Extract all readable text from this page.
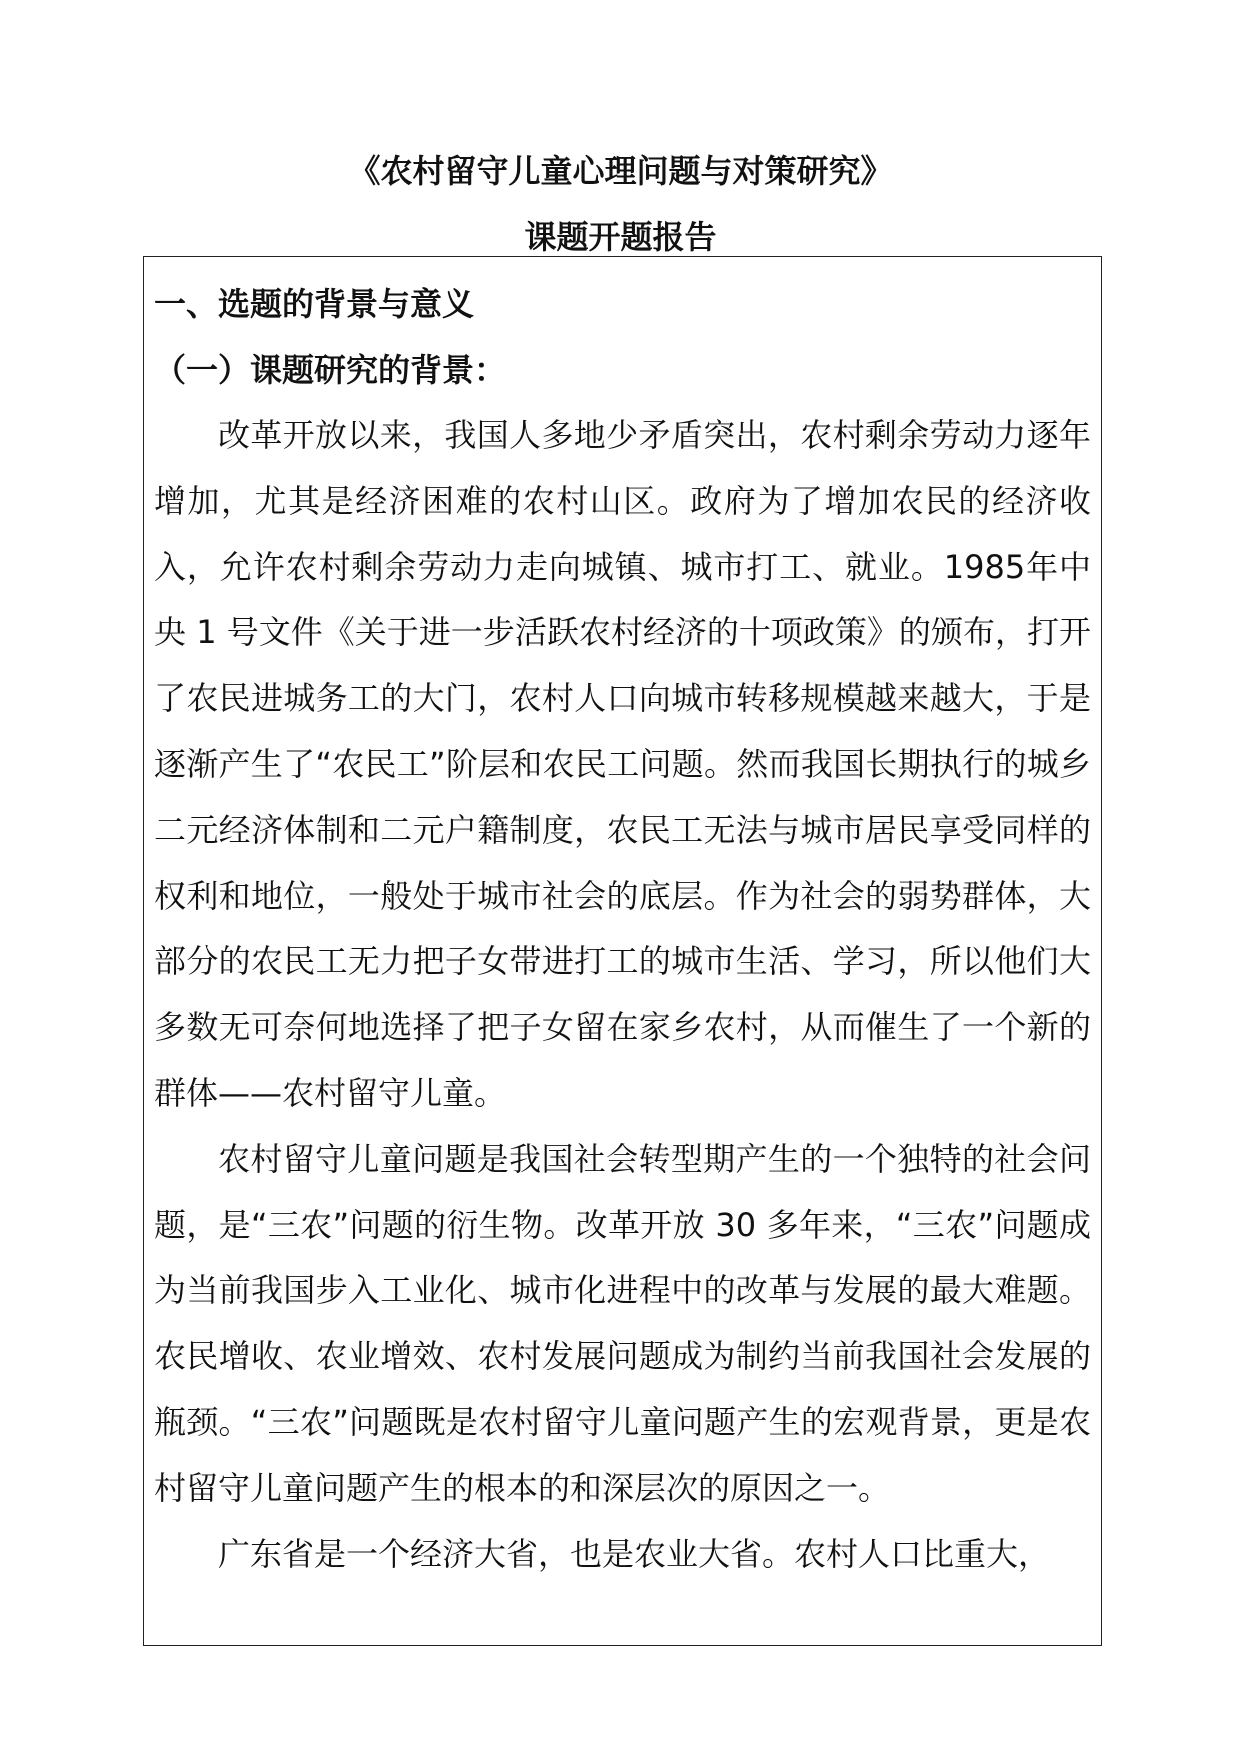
《农村留守儿童心理问题与对策研究》

课题开题报告

一、选题的背景与意义

（一）课题研究的背景：

改革开放以来，我国人多地少矛盾突出，农村剩余劳动力逐年增加，尤其是经济困难的农村山区。政府为了增加农民的经济收入，允许农村剩余劳动力走向城镇、城市打工、就业。1985年中央 1 号文件《关于进一步活跃农村经济的十项政策》的颁布，打开了农民进城务工的大门，农村人口向城市转移规模越来越大，于是逐渐产生了“农民工”阶层和农民工问题。然而我国长期执行的城乡二元经济体制和二元户籍制度，农民工无法与城市居民享受同样的权利和地位，一般处于城市社会的底层。作为社会的弱势群体，大部分的农民工无力把子女带进打工的城市生活、学习，所以他们大多数无可奈何地选择了把子女留在家乡农村，从而催生了一个新的群体——农村留守儿童。

农村留守儿童问题是我国社会转型期产生的一个独特的社会问题，是“三农”问题的衍生物。改革开放 30 多年来，“三农”问题成为当前我国步入工业化、城市化进程中的改革与发展的最大难题。农民增收、农业增效、农村发展问题成为制约当前我国社会发展的瓶颈。“三农”问题既是农村留守儿童问题产生的宏观背景，更是农村留守儿童问题产生的根本的和深层次的原因之一。

广东省是一个经济大省，也是农业大省。农村人口比重大，
